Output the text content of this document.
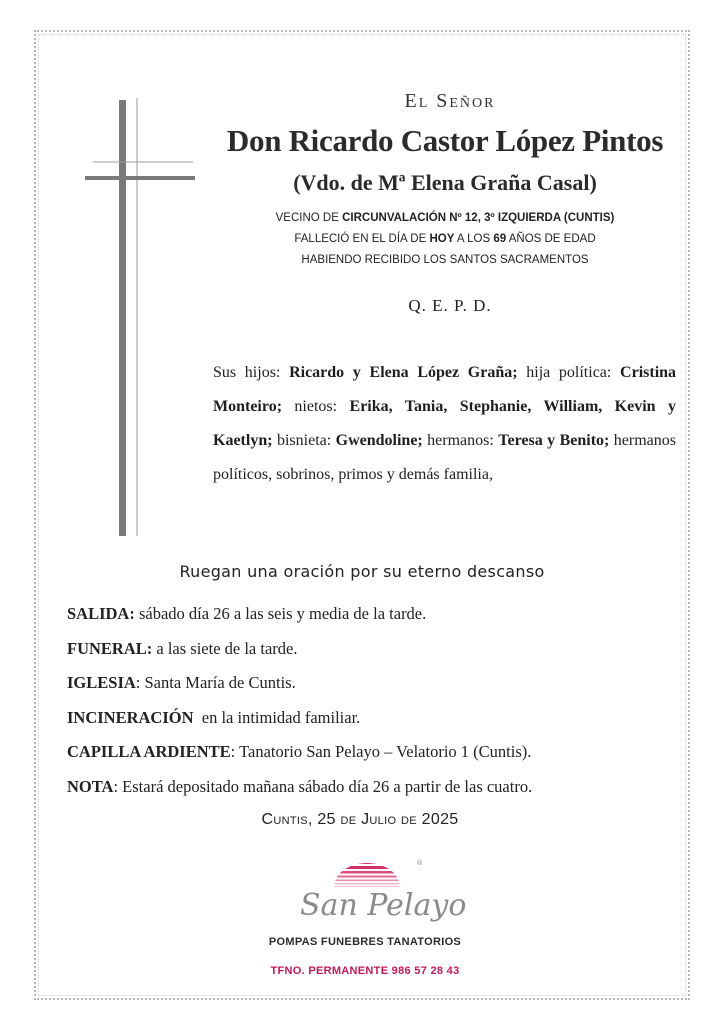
El Señor
Don Ricardo Castor López Pintos
(Vdo. de Mª Elena Graña Casal)
VECINO DE CIRCUNVALACIÓN Nº 12, 3º IZQUIERDA (CUNTIS)
FALLECIÓ EN EL DÍA DE HOY A LOS 69 AÑOS DE EDAD
HABIENDO RECIBIDO LOS SANTOS SACRAMENTOS
Q. E. P. D.
Sus hijos: Ricardo y Elena López Graña; hija política: Cristina Monteiro; nietos: Erika, Tania, Stephanie, William, Kevin y Kaetlyn; bisnieta: Gwendoline; hermanos: Teresa y Benito; hermanos políticos, sobrinos, primos y demás familia,
Ruegan una oración por su eterno descanso
SALIDA: sábado día 26 a las seis y media de la tarde.
FUNERAL: a las siete de la tarde.
IGLESIA: Santa María de Cuntis.
INCINERACIÓN  en la intimidad familiar.
CAPILLA ARDIENTE: Tanatorio San Pelayo – Velatorio 1 (Cuntis).
NOTA: Estará depositado mañana sábado día 26 a partir de las cuatro.
Cuntis, 25 de Julio de 2025
®
San Pelayo
POMPAS FUNEBRES TANATORIOS
TFNO. PERMANENTE 986 57 28 43
